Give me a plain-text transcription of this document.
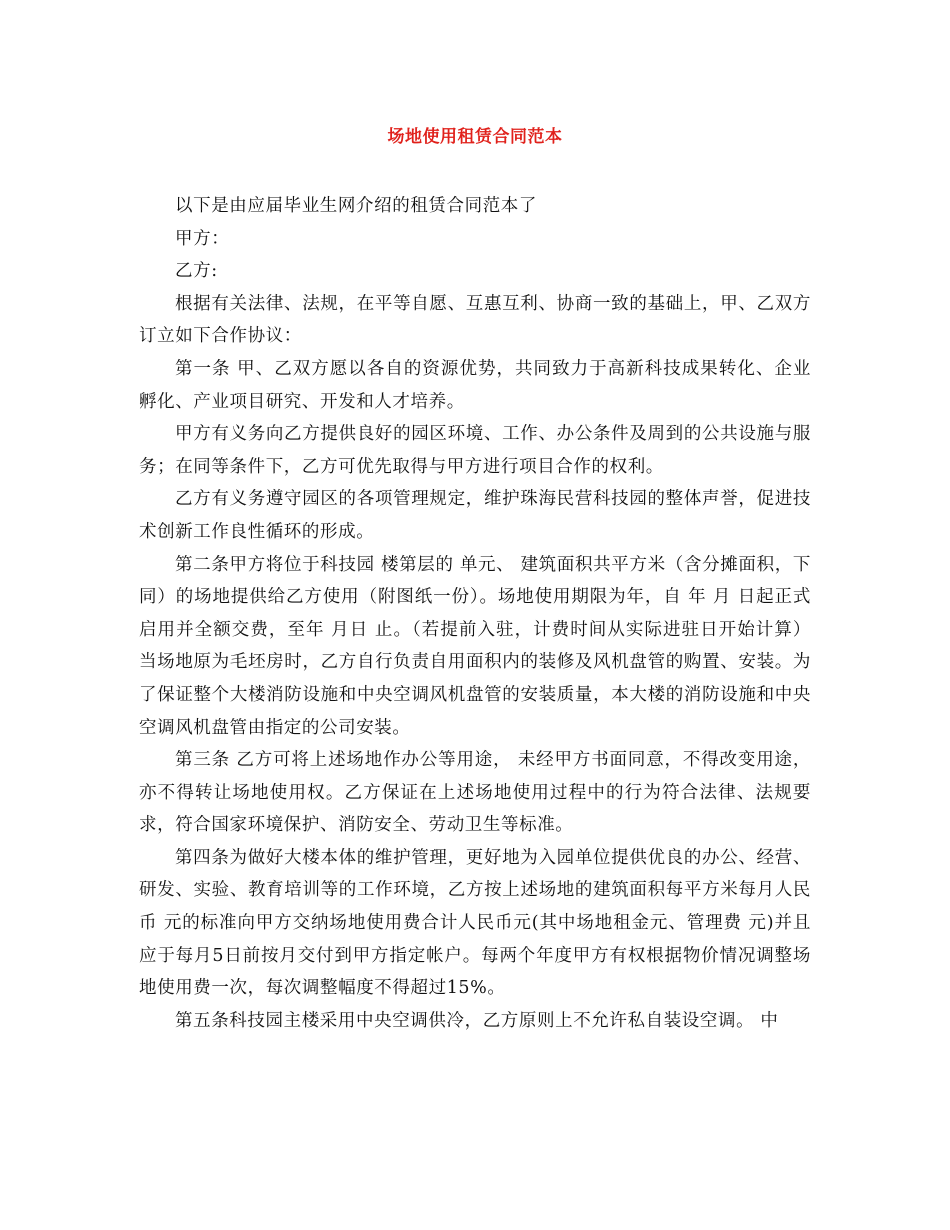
场地使用租赁合同范本

以下是由应届毕业生网介绍的租赁合同范本了

甲方：

乙方:

根据有关法律、法规，在平等自愿、互惠互利、协商一致的基础上，甲、乙双方订立如下合作协议：

第一条 甲、乙双方愿以各自的资源优势，共同致力于高新科技成果转化、企业孵化、产业项目研究、开发和人才培养。

甲方有义务向乙方提供良好的园区环境、工作、办公条件及周到的公共设施与服务；在同等条件下，乙方可优先取得与甲方进行项目合作的权利。

乙方有义务遵守园区的各项管理规定，维护珠海民营科技园的整体声誉，促进技术创新工作良性循环的形成。

第二条甲方将位于科技园 楼第层的 单元、 建筑面积共平方米（含分摊面积，下同）的场地提供给乙方使用（附图纸一份）。场地使用期限为年，自 年 月 日起正式启用并全额交费，至年 月日 止。（若提前入驻，计费时间从实际进驻日开始计算） 当场地原为毛坯房时，乙方自行负责自用面积内的装修及风机盘管的购置、安装。为了保证整个大楼消防设施和中央空调风机盘管的安装质量，本大楼的消防设施和中央空调风机盘管由指定的公司安装。

第三条 乙方可将上述场地作办公等用途， 未经甲方书面同意，不得改变用途，亦不得转让场地使用权。乙方保证在上述场地使用过程中的行为符合法律、法规要求，符合国家环境保护、消防安全、劳动卫生等标准。

第四条为做好大楼本体的维护管理，更好地为入园单位提供优良的办公、经营、研发、实验、教育培训等的工作环境，乙方按上述场地的建筑面积每平方米每月人民币 元的标准向甲方交纳场地使用费合计人民币元(其中场地租金元、管理费 元)并且应于每月5日前按月交付到甲方指定帐户。每两个年度甲方有权根据物价情况调整场地使用费一次，每次调整幅度不得超过15%。

第五条科技园主楼采用中央空调供冷，乙方原则上不允许私自装设空调。 中
